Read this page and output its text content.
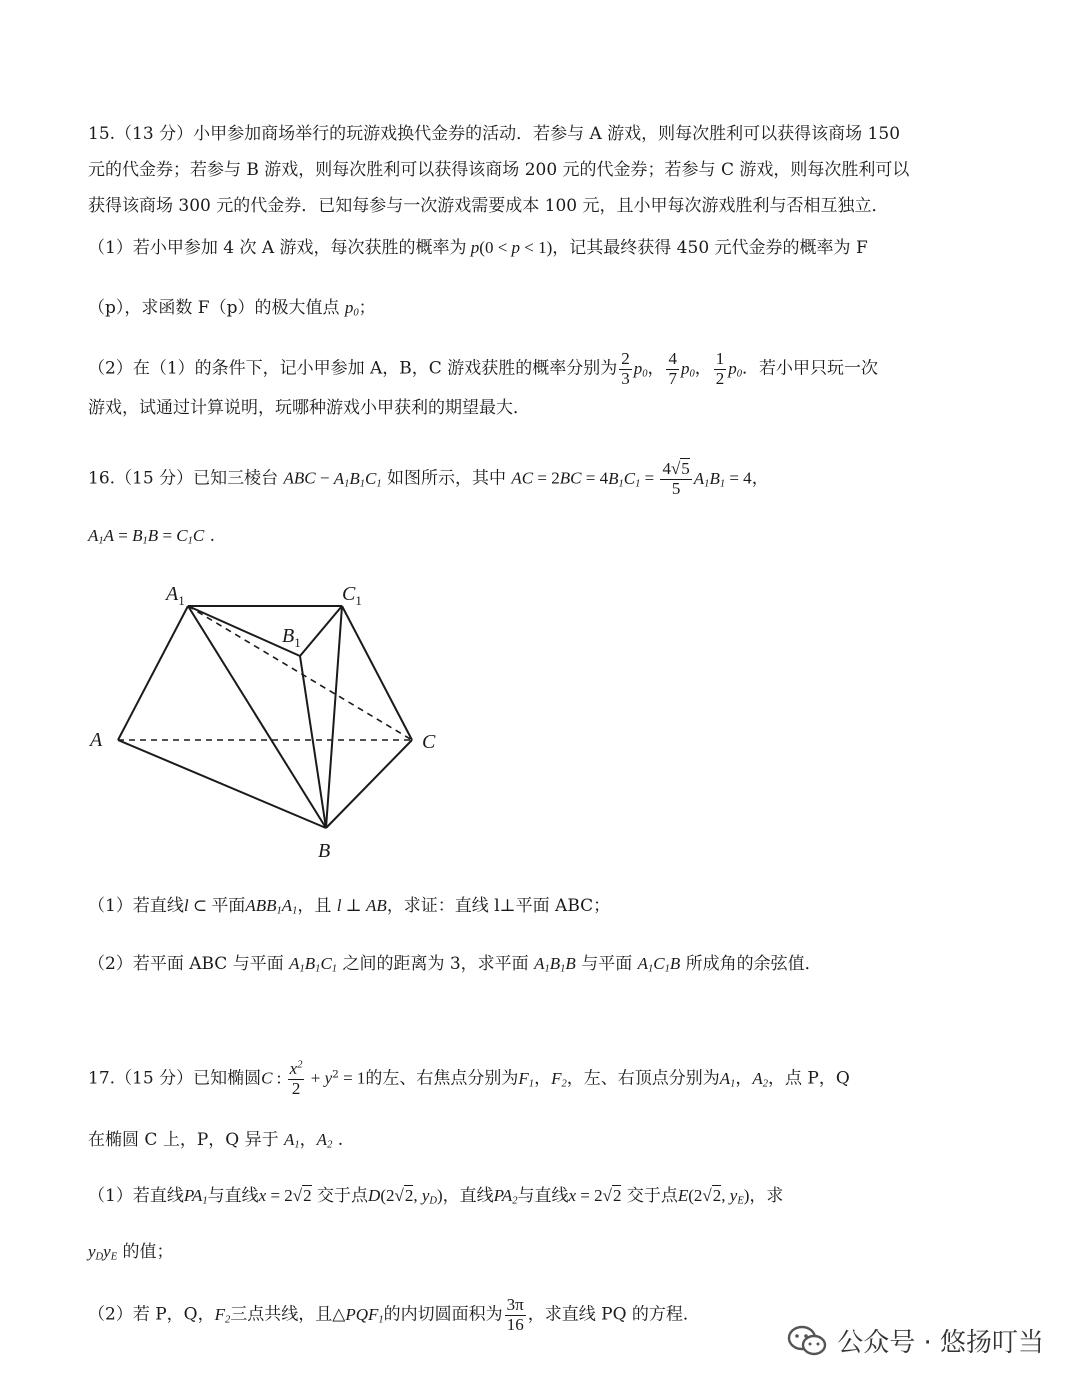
15.（13 分）小甲参加商场举行的玩游戏换代金券的活动．若参与 A 游戏，则每次胜利可以获得该商场 150
元的代金券；若参与 B 游戏，则每次胜利可以获得该商场 200 元的代金券；若参与 C 游戏，则每次胜利可以
获得该商场 300 元的代金券．已知每参与一次游戏需要成本 100 元，且小甲每次游戏胜利与否相互独立．
（1）若小甲参加 4 次 A 游戏，每次获胜的概率为 p(0 < p < 1)，记其最终获得 450 元代金券的概率为 F
（p），求函数 F（p）的极大值点 $p_0$；
（2）在（1）的条件下，记小甲参加 A，B，C 游戏获胜的概率分别为 $\frac{2}{3} p_0$， $\frac{4}{7} p_0$， $\frac{1}{2} p_0$．若小甲只玩一次
游戏，试通过计算说明，玩哪种游戏小甲获利的期望最大．
16.（15 分）已知三棱台 ABC − $A_1B_1C_1$ 如图所示，其中 AC = $2BC = 4B_1C_1 = \frac{4√5}{5} A_1B_1 = 4$，
$A_1A = B_1B = C_1C$ .
$A_1$	$C_1$
$B_1$
A	C
B
（1）若直线l ⊂ 平面$ABB_1A_1$，且 l ⊥ AB，求证：直线 l⊥平面 ABC；
（2）若平面 ABC 与平面 $A_1B_1C_1$ 之间的距离为 3，求平面 $A_1B_1B$ 与平面 $A_1C_1B$ 所成角的余弦值．
17.（15 分）已知椭圆C : $\frac{x^2}{2} + y^2 = 1$的左、右焦点分别为$F_1$，$F_2$，左、右顶点分别为$A_1$，$A_2$，点 P，Q
在椭圆 C 上，P，Q 异于 $A_1$，$A_2$ .
（1）若直线$PA_1$与直线x = 2√2 交于点D(2√2, $y_D$)，直线$PA_2$与直线x = 2√2 交于点E(2√2, $y_E$)，求
$y_Dy_E$ 的值；
（2）若 P，Q，$F_2$三点共线，且$\triangle PQF_1$的内切圆面积为 $\frac{3\pi}{16}$ ，求直线 PQ 的方程．
公众号 · 悠扬叮当
